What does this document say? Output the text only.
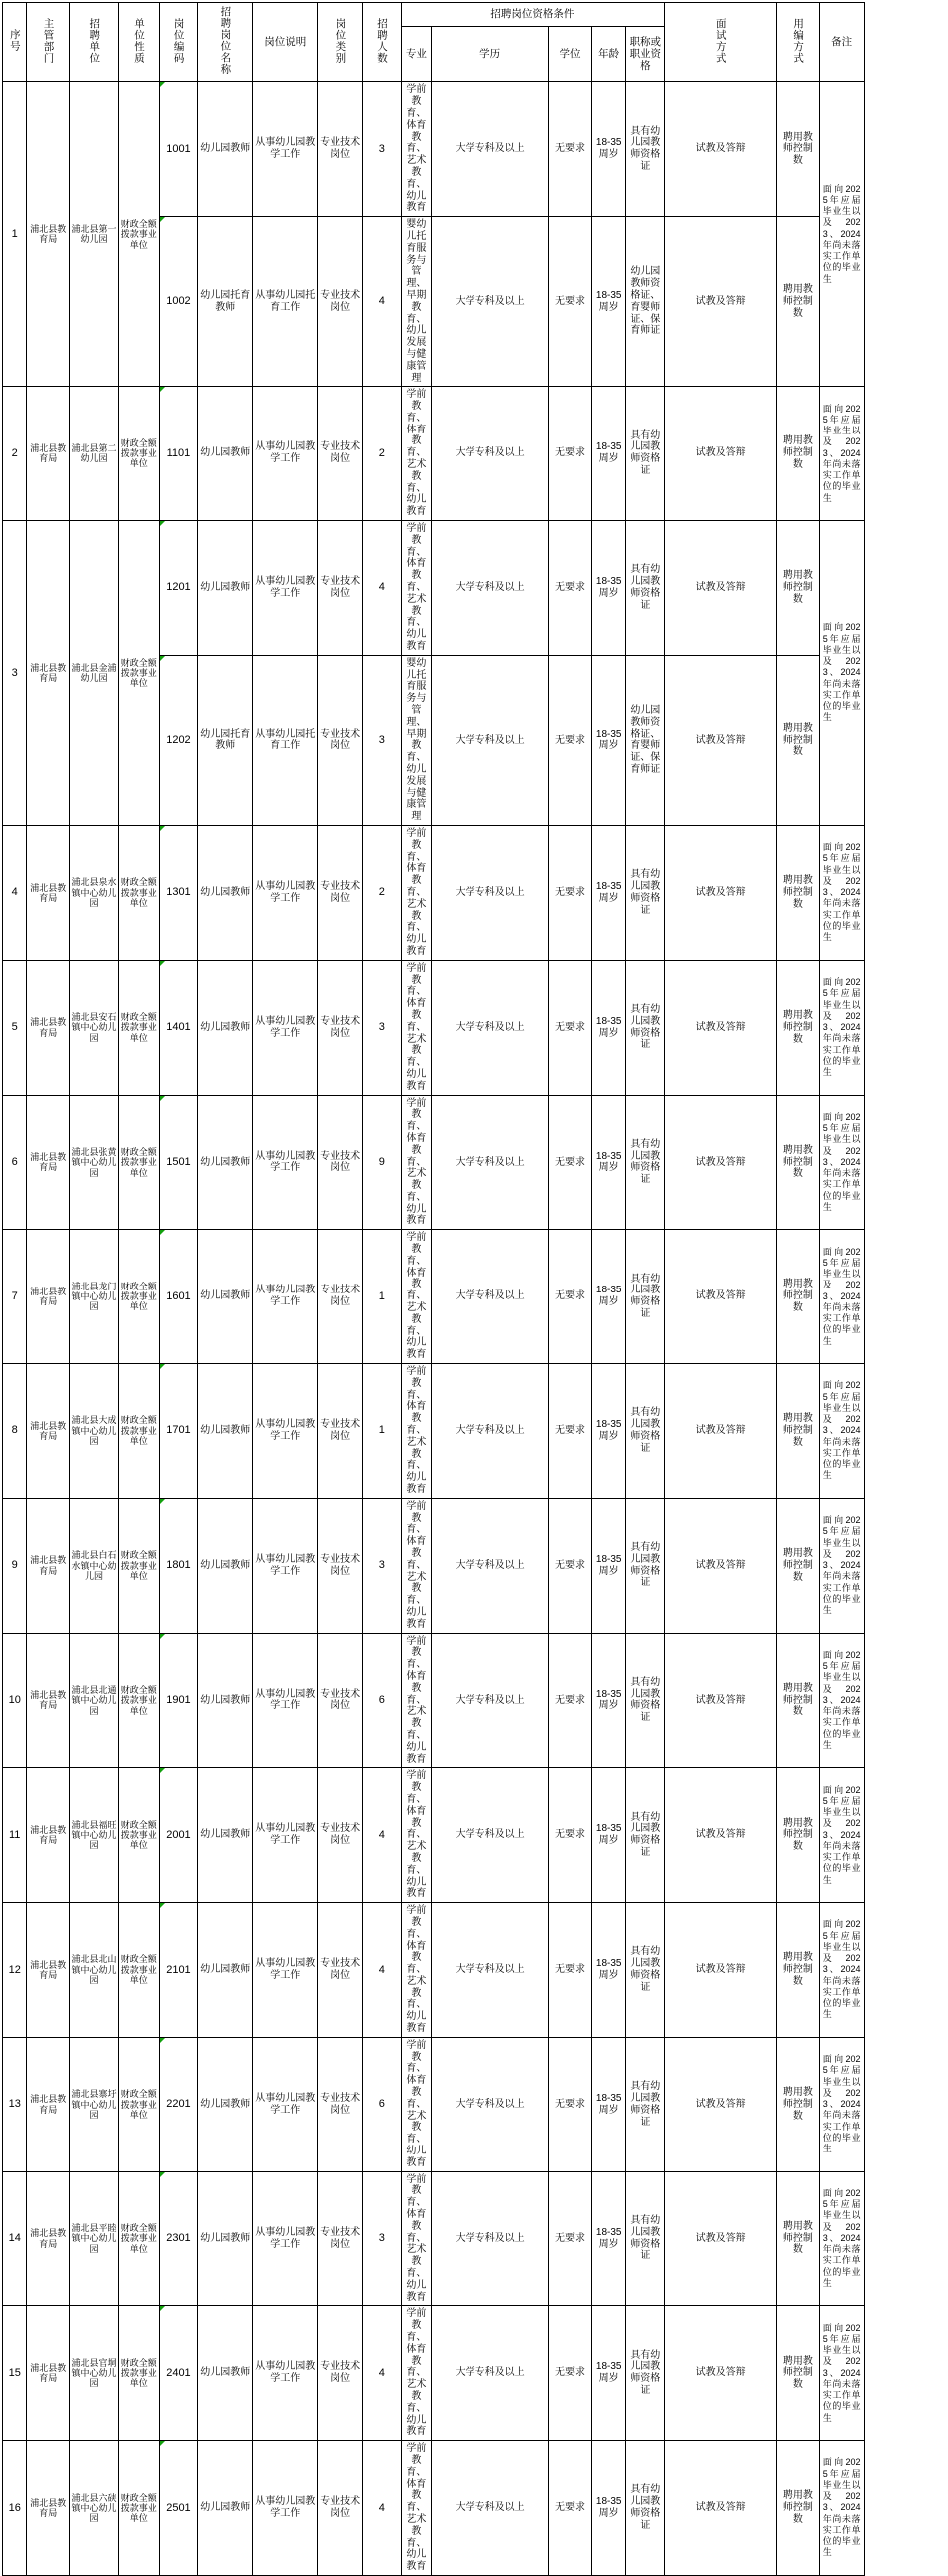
序号	主管部门	招聘单位	单位性质	岗位编码	招聘岗位名称	岗位说明	岗位类别	招聘人数	招聘岗位资格条件					面试方式	用编方式	备注
									专业	学历	学位	年龄	职称或职业资格			
1	浦北县教育局	浦北县第一幼儿园	财政全额拨款事业单位	1001	幼儿园教师	从事幼儿园教学工作	专业技术岗位	3	学前教育、体育教育、艺术教育、幼儿教育	大学专科及以上	无要求	18-35周岁	具有幼儿园教师资格证	试教及答辩	聘用教师控制数	面向2025年应届毕业生以及2023、2024年尚未落实工作单位的毕业生
				1002	幼儿园托育教师	从事幼儿园托育工作	专业技术岗位	4	婴幼儿托育服务与管理、早期教育、幼儿发展与健康管理	大学专科及以上	无要求	18-35周岁	幼儿园教师资格证、育婴师证、保育师证	试教及答辩	聘用教师控制数	
2	浦北县教育局	浦北县第二幼儿园	财政全额拨款事业单位	1101	幼儿园教师	从事幼儿园教学工作	专业技术岗位	2	学前教育、体育教育、艺术教育、幼儿教育	大学专科及以上	无要求	18-35周岁	具有幼儿园教师资格证	试教及答辩	聘用教师控制数	面向2025年应届毕业生以及2023、2024年尚未落实工作单位的毕业生
3	浦北县教育局	浦北县金浦幼儿园	财政全额拨款事业单位	1201	幼儿园教师	从事幼儿园教学工作	专业技术岗位	4	学前教育、体育教育、艺术教育、幼儿教育	大学专科及以上	无要求	18-35周岁	具有幼儿园教师资格证	试教及答辩	聘用教师控制数	面向2025年应届毕业生以及2023、2024年尚未落实工作单位的毕业生
				1202	幼儿园托育教师	从事幼儿园托育工作	专业技术岗位	3	婴幼儿托育服务与管理、早期教育、幼儿发展与健康管理	大学专科及以上	无要求	18-35周岁	幼儿园教师资格证、育婴师证、保育师证	试教及答辩	聘用教师控制数	
4	浦北县教育局	浦北县泉水镇中心幼儿园	财政全额拨款事业单位	1301	幼儿园教师	从事幼儿园教学工作	专业技术岗位	2	学前教育、体育教育、艺术教育、幼儿教育	大学专科及以上	无要求	18-35周岁	具有幼儿园教师资格证	试教及答辩	聘用教师控制数	面向2025年应届毕业生以及2023、2024年尚未落实工作单位的毕业生
5	浦北县教育局	浦北县安石镇中心幼儿园	财政全额拨款事业单位	1401	幼儿园教师	从事幼儿园教学工作	专业技术岗位	3	学前教育、体育教育、艺术教育、幼儿教育	大学专科及以上	无要求	18-35周岁	具有幼儿园教师资格证	试教及答辩	聘用教师控制数	面向2025年应届毕业生以及2023、2024年尚未落实工作单位的毕业生
6	浦北县教育局	浦北县张黄镇中心幼儿园	财政全额拨款事业单位	1501	幼儿园教师	从事幼儿园教学工作	专业技术岗位	9	学前教育、体育教育、艺术教育、幼儿教育	大学专科及以上	无要求	18-35周岁	具有幼儿园教师资格证	试教及答辩	聘用教师控制数	面向2025年应届毕业生以及2023、2024年尚未落实工作单位的毕业生
7	浦北县教育局	浦北县龙门镇中心幼儿园	财政全额拨款事业单位	1601	幼儿园教师	从事幼儿园教学工作	专业技术岗位	1	学前教育、体育教育、艺术教育、幼儿教育	大学专科及以上	无要求	18-35周岁	具有幼儿园教师资格证	试教及答辩	聘用教师控制数	面向2025年应届毕业生以及2023、2024年尚未落实工作单位的毕业生
8	浦北县教育局	浦北县大成镇中心幼儿园	财政全额拨款事业单位	1701	幼儿园教师	从事幼儿园教学工作	专业技术岗位	1	学前教育、体育教育、艺术教育、幼儿教育	大学专科及以上	无要求	18-35周岁	具有幼儿园教师资格证	试教及答辩	聘用教师控制数	面向2025年应届毕业生以及2023、2024年尚未落实工作单位的毕业生
9	浦北县教育局	浦北县白石水镇中心幼儿园	财政全额拨款事业单位	1801	幼儿园教师	从事幼儿园教学工作	专业技术岗位	3	学前教育、体育教育、艺术教育、幼儿教育	大学专科及以上	无要求	18-35周岁	具有幼儿园教师资格证	试教及答辩	聘用教师控制数	面向2025年应届毕业生以及2023、2024年尚未落实工作单位的毕业生
10	浦北县教育局	浦北县北通镇中心幼儿园	财政全额拨款事业单位	1901	幼儿园教师	从事幼儿园教学工作	专业技术岗位	6	学前教育、体育教育、艺术教育、幼儿教育	大学专科及以上	无要求	18-35周岁	具有幼儿园教师资格证	试教及答辩	聘用教师控制数	面向2025年应届毕业生以及2023、2024年尚未落实工作单位的毕业生
11	浦北县教育局	浦北县福旺镇中心幼儿园	财政全额拨款事业单位	2001	幼儿园教师	从事幼儿园教学工作	专业技术岗位	4	学前教育、体育教育、艺术教育、幼儿教育	大学专科及以上	无要求	18-35周岁	具有幼儿园教师资格证	试教及答辩	聘用教师控制数	面向2025年应届毕业生以及2023、2024年尚未落实工作单位的毕业生
12	浦北县教育局	浦北县北山镇中心幼儿园	财政全额拨款事业单位	2101	幼儿园教师	从事幼儿园教学工作	专业技术岗位	4	学前教育、体育教育、艺术教育、幼儿教育	大学专科及以上	无要求	18-35周岁	具有幼儿园教师资格证	试教及答辩	聘用教师控制数	面向2025年应届毕业生以及2023、2024年尚未落实工作单位的毕业生
13	浦北县教育局	浦北县寨圩镇中心幼儿园	财政全额拨款事业单位	2201	幼儿园教师	从事幼儿园教学工作	专业技术岗位	6	学前教育、体育教育、艺术教育、幼儿教育	大学专科及以上	无要求	18-35周岁	具有幼儿园教师资格证	试教及答辩	聘用教师控制数	面向2025年应届毕业生以及2023、2024年尚未落实工作单位的毕业生
14	浦北县教育局	浦北县平睦镇中心幼儿园	财政全额拨款事业单位	2301	幼儿园教师	从事幼儿园教学工作	专业技术岗位	3	学前教育、体育教育、艺术教育、幼儿教育	大学专科及以上	无要求	18-35周岁	具有幼儿园教师资格证	试教及答辩	聘用教师控制数	面向2025年应届毕业生以及2023、2024年尚未落实工作单位的毕业生
15	浦北县教育局	浦北县官垌镇中心幼儿园	财政全额拨款事业单位	2401	幼儿园教师	从事幼儿园教学工作	专业技术岗位	4	学前教育、体育教育、艺术教育、幼儿教育	大学专科及以上	无要求	18-35周岁	具有幼儿园教师资格证	试教及答辩	聘用教师控制数	面向2025年应届毕业生以及2023、2024年尚未落实工作单位的毕业生
16	浦北县教育局	浦北县六硖镇中心幼儿园	财政全额拨款事业单位	2501	幼儿园教师	从事幼儿园教学工作	专业技术岗位	4	学前教育、体育教育、艺术教育、幼儿教育	大学专科及以上	无要求	18-35周岁	具有幼儿园教师资格证	试教及答辩	聘用教师控制数	面向2025年应届毕业生以及2023、2024年尚未落实工作单位的毕业生
